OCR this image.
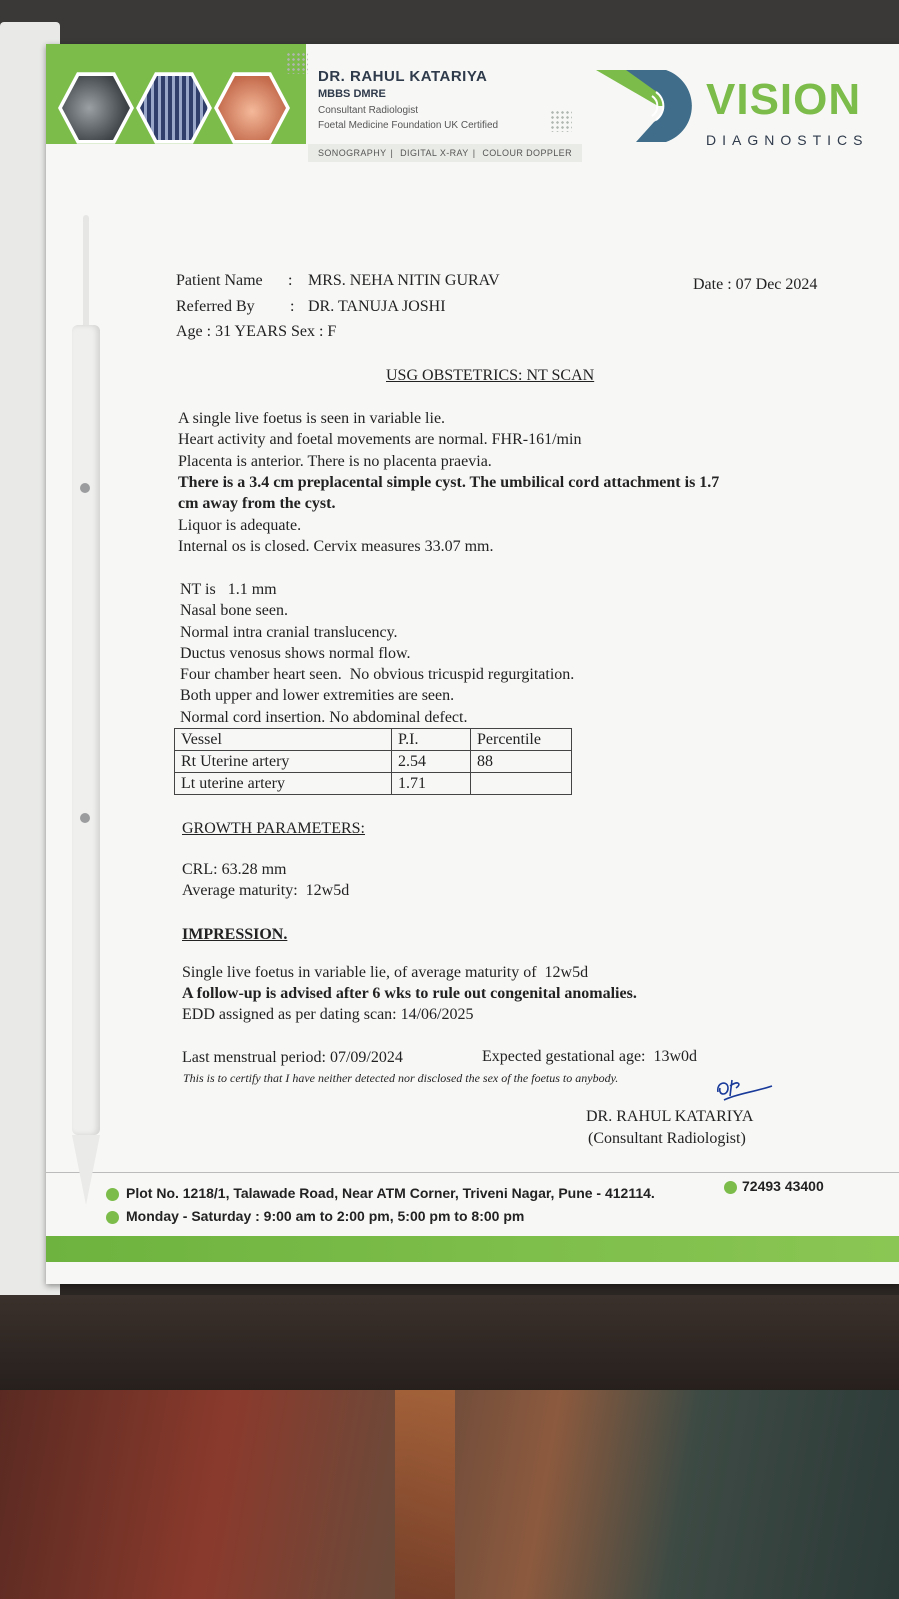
DR. RAHUL KATARIYA
MBBS DMRE
Consultant Radiologist
Foetal Medicine Foundation UK Certified
SONOGRAPHY | DIGITAL X-RAY | COLOUR DOPPLER
VISION
DIAGNOSTICS
Patient Name : MRS. NEHA NITIN GURAV	Date : 07 Dec 2024
Referred By : DR. TANUJA JOSHI
Age : 31 YEARS Sex : F
USG OBSTETRICS: NT SCAN
A single live foetus is seen in variable lie.
Heart activity and foetal movements are normal. FHR-161/min
Placenta is anterior. There is no placenta praevia.
There is a 3.4 cm preplacental simple cyst. The umbilical cord attachment is 1.7
cm away from the cyst.
Liquor is adequate.
Internal os is closed. Cervix measures 33.07 mm.
NT is   1.1 mm
Nasal bone seen.
Normal intra cranial translucency.
Ductus venosus shows normal flow.
Four chamber heart seen.  No obvious tricuspid regurgitation.
Both upper and lower extremities are seen.
Normal cord insertion. No abdominal defect.
Vessel	P.I.	Percentile
Rt Uterine artery	2.54	88
Lt uterine artery	1.71	
GROWTH PARAMETERS:
CRL: 63.28 mm
Average maturity:  12w5d
IMPRESSION.
Single live foetus in variable lie, of average maturity of  12w5d
A follow-up is advised after 6 wks to rule out congenital anomalies.
EDD assigned as per dating scan: 14/06/2025
Last menstrual period: 07/09/2024	Expected gestational age:  13w0d
This is to certify that I have neither detected nor disclosed the sex of the foetus to anybody.
DR. RAHUL KATARIYA
(Consultant Radiologist)
Plot No. 1218/1, Talawade Road, Near ATM Corner, Triveni Nagar, Pune - 412114.	72493 43400
Monday - Saturday : 9:00 am to 2:00 pm, 5:00 pm to 8:00 pm
